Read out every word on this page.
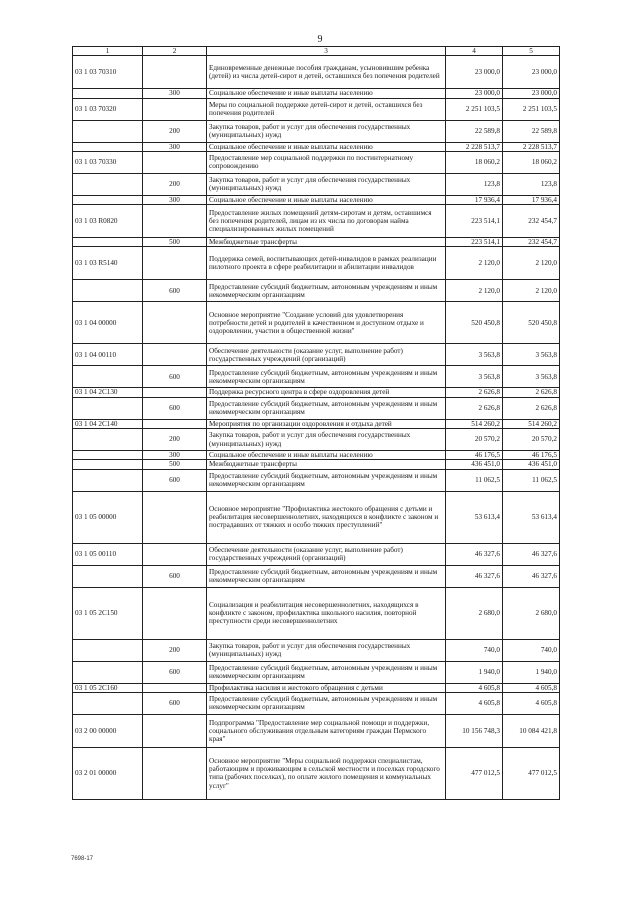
9
1	2	3	4	5
03 1 03 70310		Единовременные денежные пособия гражданам, усыновившим ребенка (детей) из числа детей-сирот и детей, оставшихся без попечения родителей	23 000,0	23 000,0
	300	Социальное обеспечение и иные выплаты населению	23 000,0	23 000,0
03 1 03 70320		Меры по социальной поддержке детей-сирот и детей, оставшихся без попечения родителей	2 251 103,5	2 251 103,5
	200	Закупка товаров, работ и услуг для обеспечения государственных (муниципальных) нужд	22 589,8	22 589,8
	300	Социальное обеспечение и иные выплаты населению	2 228 513,7	2 228 513,7
03 1 03 70330		Предоставление мер социальной поддержки по постинтернатному сопровождению	18 060,2	18 060,2
	200	Закупка товаров, работ и услуг для обеспечения государственных (муниципальных) нужд	123,8	123,8
	300	Социальное обеспечение и иные выплаты населению	17 936,4	17 936,4
03 1 03 R0820		Предоставление жилых помещений детям-сиротам и детям, оставшимся без попечения родителей, лицам из их числа по договорам найма специализированных жилых помещений	223 514,1	232 454,7
	500	Межбюджетные трансферты	223 514,1	232 454,7
03 1 03 R5140		Поддержка семей, воспитывающих детей-инвалидов в рамках реализации пилотного проекта в сфере реабилитации и абилитации инвалидов	2 120,0	2 120,0
	600	Предоставление субсидий бюджетным, автономным учреждениям и иным некоммерческим организациям	2 120,0	2 120,0
03 1 04 00000		Основное мероприятие "Создание условий для удовлетворения потребности детей и родителей в качественном и доступном отдыхе и оздоровлении, участии в общественной жизни"	520 450,8	520 450,8
03 1 04 00110		Обеспечение деятельности (оказание услуг, выполнение работ) государственных учреждений (организаций)	3 563,8	3 563,8
	600	Предоставление субсидий бюджетным, автономным учреждениям и иным некоммерческим организациям	3 563,8	3 563,8
03 1 04 2C130		Поддержка ресурсного центра в сфере оздоровления детей	2 626,8	2 626,8
	600	Предоставление субсидий бюджетным, автономным учреждениям и иным некоммерческим организациям	2 626,8	2 626,8
03 1 04 2C140		Мероприятия по организации оздоровления и отдыха детей	514 260,2	514 260,2
	200	Закупка товаров, работ и услуг для обеспечения государственных (муниципальных) нужд	20 570,2	20 570,2
	300	Социальное обеспечение и иные выплаты населению	46 176,5	46 176,5
	500	Межбюджетные трансферты	436 451,0	436 451,0
	600	Предоставление субсидий бюджетным, автономным учреждениям и иным некоммерческим организациям	11 062,5	11 062,5
03 1 05 00000		Основное мероприятие "Профилактика жестокого обращения с детьми и реабилитация несовершеннолетних, находящихся в конфликте с законом и пострадавших от тяжких и особо тяжких преступлений"	53 613,4	53 613,4
03 1 05 00110		Обеспечение деятельности (оказание услуг, выполнение работ) государственных учреждений (организаций)	46 327,6	46 327,6
	600	Предоставление субсидий бюджетным, автономным учреждениям и иным некоммерческим организациям	46 327,6	46 327,6
03 1 05 2C150		Социализация и реабилитация несовершеннолетних, находящихся в конфликте с законом, профилактика школьного насилия, повторной преступности среди несовершеннолетних	2 680,0	2 680,0
	200	Закупка товаров, работ и услуг для обеспечения государственных (муниципальных) нужд	740,0	740,0
	600	Предоставление субсидий бюджетным, автономным учреждениям и иным некоммерческим организациям	1 940,0	1 940,0
03 1 05 2C160		Профилактика насилия и жестокого обращения с детьми	4 605,8	4 605,8
	600	Предоставление субсидий бюджетным, автономным учреждениям и иным некоммерческим организациям	4 605,8	4 605,8
03 2 00 00000		Подпрограмма "Предоставление мер социальной помощи и поддержки, социального обслуживания отдельным категориям граждан Пермского края"	10 156 748,3	10 084 421,8
03 2 01 00000		Основное мероприятие "Меры социальной поддержки специалистам, работающим и проживающим в сельской местности и поселках городского типа (рабочих поселках), по оплате жилого помещения и коммунальных услуг"	477 012,5	477 012,5
7698-17
